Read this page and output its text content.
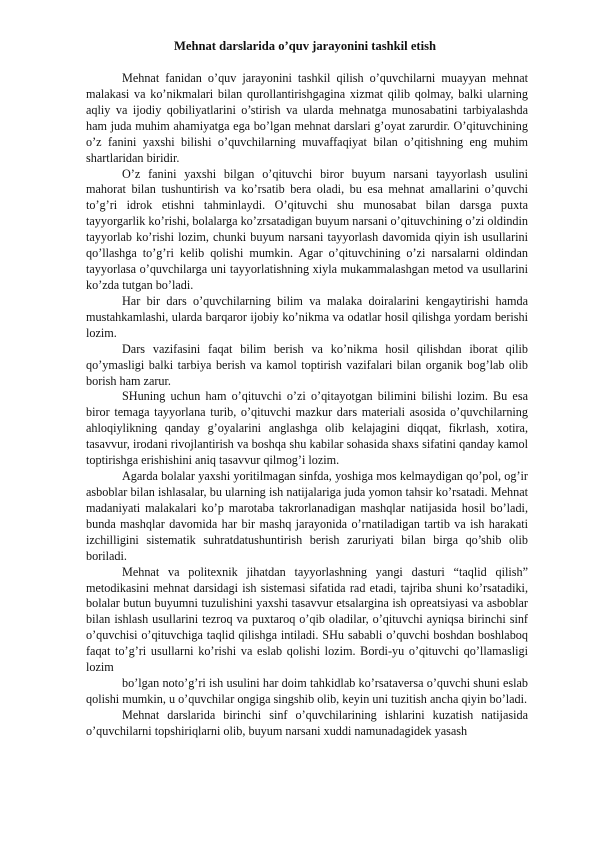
Mehnat darslarida o’quv jarayonini tashkil etish

Mehnat fanidan o’quv jarayonini tashkil qilish o’quvchilarni muayyan mehnat malakasi va ko’nikmalari bilan qurollantirishgagina xizmat qilib qolmay, balki ularning aqliy va ijodiy qobiliyatlarini o’stirish va ularda mehnatga munosabatini tarbiyalashda ham juda muhim ahamiyatga ega bo’lgan mehnat darslari g’oyat zarurdir. O’qituvchining o’z fanini yaxshi bilishi o’quvchilarning muvaffaqiyat bilan o’qitishning eng muhim shartlaridan biridir.

O’z fanini yaxshi bilgan o’qituvchi biror buyum narsani tayyorlash usulini mahorat bilan tushuntirish va ko’rsatib bera oladi, bu esa mehnat amallarini o’quvchi to’g’ri idrok etishni tahminlaydi. O’qituvchi shu munosabat bilan darsga puxta tayyorgarlik ko’rishi, bolalarga ko’zrsatadigan buyum narsani o’qituvchining o’zi oldindin tayyorlab ko’rishi lozim, chunki buyum narsani tayyorlash davomida qiyin ish usullarini qo’llashga to’g’ri kelib qolishi mumkin. Agar o’qituvchining o’zi narsalarni oldindan tayyorlasa o’quvchilarga uni tayyorlatishning xiyla mukammalashgan metod va usullarini ko’zda tutgan bo’ladi.

Har bir dars o’quvchilarning bilim va malaka doiralarini kengaytirishi hamda mustahkamlashi, ularda barqaror ijobiy ko’nikma va odatlar hosil qilishga yordam berishi lozim.

Dars vazifasini faqat bilim berish va ko’nikma hosil qilishdan iborat qilib qo’ymasligi balki tarbiya berish va kamol toptirish vazifalari bilan organik bog’lab olib borish ham zarur.

SHuning uchun ham o’qituvchi o’zi o’qitayotgan bilimini bilishi lozim. Bu esa biror temaga tayyorlana turib, o’qituvchi mazkur dars materiali asosida o’quvchilarning ahloqiylikning qanday g’oyalarini anglashga olib kelajagini diqqat, fikrlash, xotira, tasavvur, irodani rivojlantirish va boshqa shu kabilar sohasida shaxs sifatini qanday kamol toptirishga erishishini aniq tasavvur qilmog’i lozim.

Agarda bolalar yaxshi yoritilmagan sinfda, yoshiga mos kelmaydigan qo’pol, og’ir asboblar bilan ishlasalar, bu ularning ish natijalariga juda yomon tahsir ko’rsatadi. Mehnat madaniyati malakalari ko’p marotaba takrorlanadigan mashqlar natijasida hosil bo’ladi, bunda mashqlar davomida har bir mashq jarayonida o’rnatiladigan tartib va ish harakati izchilligini sistematik suhratdatushuntirish berish zaruriyati bilan birga qo’shib olib boriladi.

Mehnat va politexnik jihatdan tayyorlashning yangi dasturi “taqlid qilish” metodikasini mehnat darsidagi ish sistemasi sifatida rad etadi, tajriba shuni ko’rsatadiki, bolalar butun buyumni tuzulishini yaxshi tasavvur etsalargina ish opreatsiyasi va asboblar bilan ishlash usullarini tezroq va puxtaroq o’qib oladilar, o’qituvchi ayniqsa birinchi sinf o’quvchisi o’qituvchiga taqlid qilishga intiladi. SHu sababli o’quvchi boshdan boshlaboq faqat to’g’ri usullarni ko’rishi va eslab qolishi lozim. Bordi-yu o’qituvchi qo’llamasligi lozim

bo’lgan noto’g’ri ish usulini har doim tahkidlab ko’rsataversa o’quvchi shuni eslab qolishi mumkin, u o’quvchilar ongiga singshib olib, keyin uni tuzitish ancha qiyin bo’ladi.

Mehnat darslarida birinchi sinf o’quvchilarining ishlarini kuzatish natijasida o’quvchilarni topshiriqlarni olib, buyum narsani xuddi namunadagidek yasash
